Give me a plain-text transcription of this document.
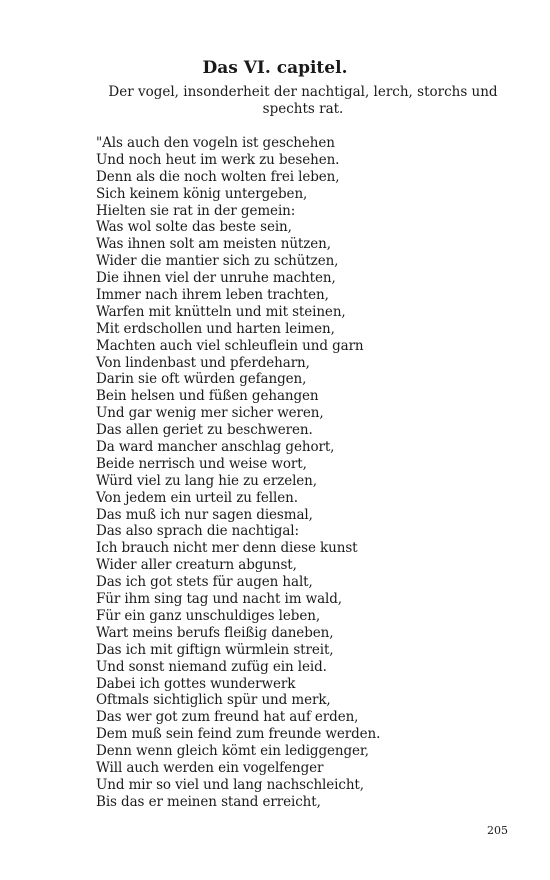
Das VI. capitel.

Der vogel, insonderheit der nachtigal, lerch, storchs und spechts rat.

"Als auch den vogeln ist geschehen
Und noch heut im werk zu besehen.
Denn als die noch wolten frei leben,
Sich keinem könig untergeben,
Hielten sie rat in der gemein:
Was wol solte das beste sein,
Was ihnen solt am meisten nützen,
Wider die mantier sich zu schützen,
Die ihnen viel der unruhe machten,
Immer nach ihrem leben trachten,
Warfen mit knütteln und mit steinen,
Mit erdschollen und harten leimen,
Machten auch viel schleuflein und garn
Von lindenbast und pferdeharn,
Darin sie oft würden gefangen,
Bein helsen und füßen gehangen
Und gar wenig mer sicher weren,
Das allen geriet zu beschweren.
Da ward mancher anschlag gehort,
Beide nerrisch und weise wort,
Würd viel zu lang hie zu erzelen,
Von jedem ein urteil zu fellen.
Das muß ich nur sagen diesmal,
Das also sprach die nachtigal:
Ich brauch nicht mer denn diese kunst
Wider aller creaturn abgunst,
Das ich got stets für augen halt,
Für ihm sing tag und nacht im wald,
Für ein ganz unschuldiges leben,
Wart meins berufs fleißig daneben,
Das ich mit giftign würmlein streit,
Und sonst niemand zufüg ein leid.
Dabei ich gottes wunderwerk
Oftmals sichtiglich spür und merk,
Das wer got zum freund hat auf erden,
Dem muß sein feind zum freunde werden.
Denn wenn gleich kömt ein lediggenger,
Will auch werden ein vogelfenger
Und mir so viel und lang nachschleicht,
Bis das er meinen stand erreicht,
205
